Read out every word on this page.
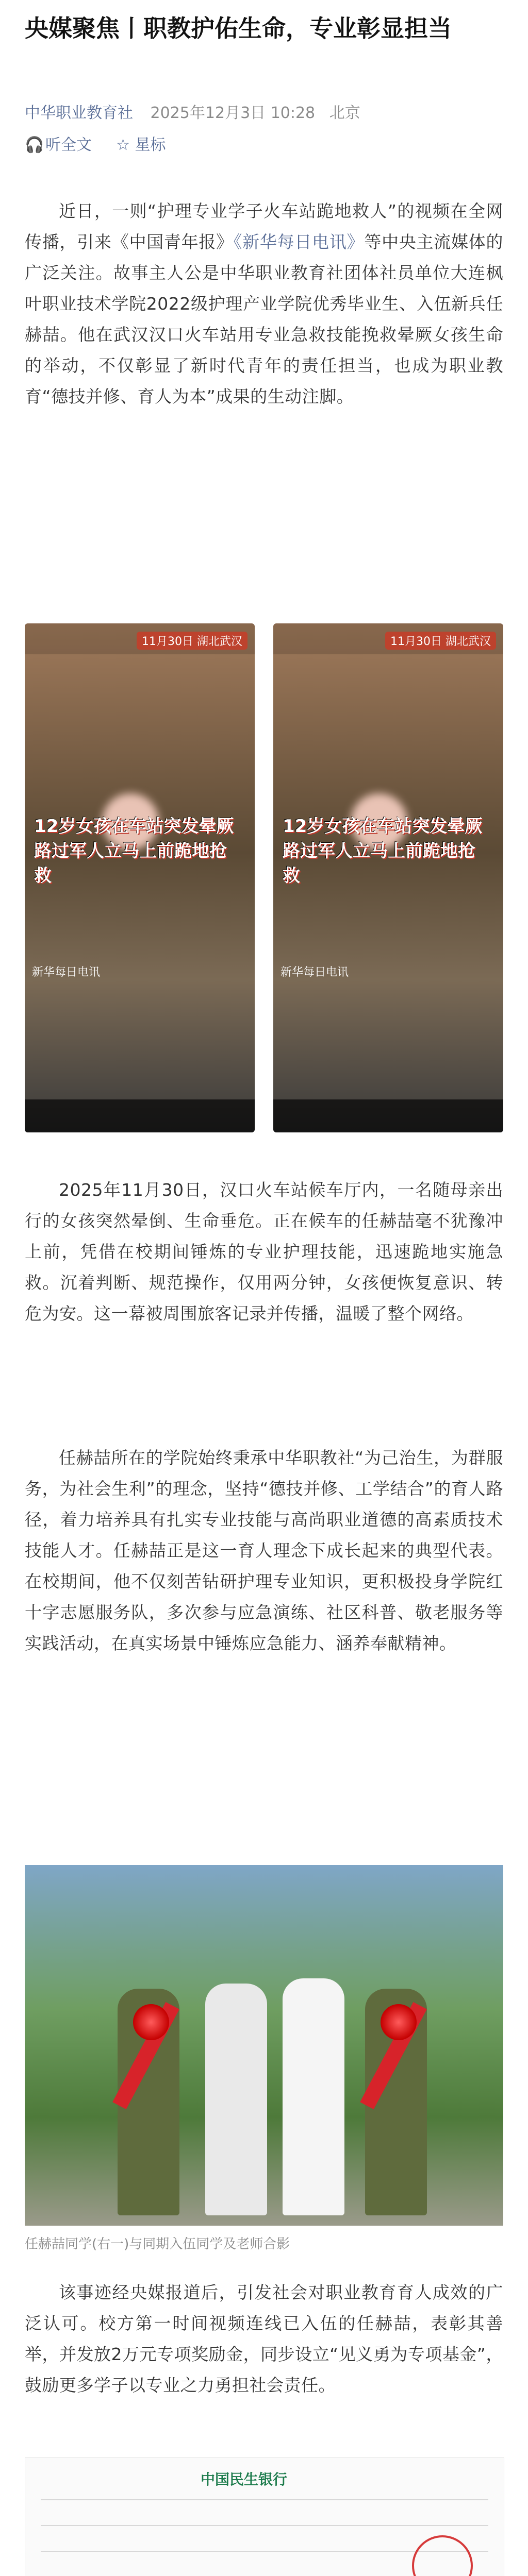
央媒聚焦丨职教护佑生命，专业彰显担当
中华职业教育社 2025年12月3日 10:28 北京
🎧听全文 ☆ 星标

近日，一则“护理专业学子火车站跪地救人”的视频在全网传播，引来《中国青年报》《新华每日电讯》等中央主流媒体的广泛关注。故事主人公是中华职业教育社团体社员单位大连枫叶职业技术学院2022级护理产业学院优秀毕业生、入伍新兵任赫喆。他在武汉汉口火车站用专业急救技能挽救晕厥女孩生命的举动，不仅彰显了新时代青年的责任担当，也成为职业教育“德技并修、育人为本”成果的生动注脚。

11月30日 湖北武汉
12岁女孩在车站突发晕厥 路过军人立马上前跪地抢救
新华每日电讯
11月30日 湖北武汉
12岁女孩在车站突发晕厥 路过军人立马上前跪地抢救
新华每日电讯

2025年11月30日，汉口火车站候车厅内，一名随母亲出行的女孩突然晕倒、生命垂危。正在候车的任赫喆毫不犹豫冲上前，凭借在校期间锤炼的专业护理技能，迅速跪地实施急救。沉着判断、规范操作，仅用两分钟，女孩便恢复意识、转危为安。这一幕被周围旅客记录并传播，温暖了整个网络。

任赫喆所在的学院始终秉承中华职教社“为己治生，为群服务，为社会生利”的理念，坚持“德技并修、工学结合”的育人路径，着力培养具有扎实专业技能与高尚职业道德的高素质技术技能人才。任赫喆正是这一育人理念下成长起来的典型代表。在校期间，他不仅刻苦钻研护理专业知识，更积极投身学院红十字志愿服务队，多次参与应急演练、社区科普、敬老服务等实践活动，在真实场景中锤炼应急能力、涵养奉献精神。

任赫喆同学(右一)与同期入伍同学及老师合影

该事迹经央媒报道后，引发社会对职业教育育人成效的广泛认可。校方第一时间视频连线已入伍的任赫喆，表彰其善举，并发放2万元专项奖励金，同步设立“见义勇为专项基金”，鼓励更多学子以专业之力勇担社会责任。

中国民生银行
